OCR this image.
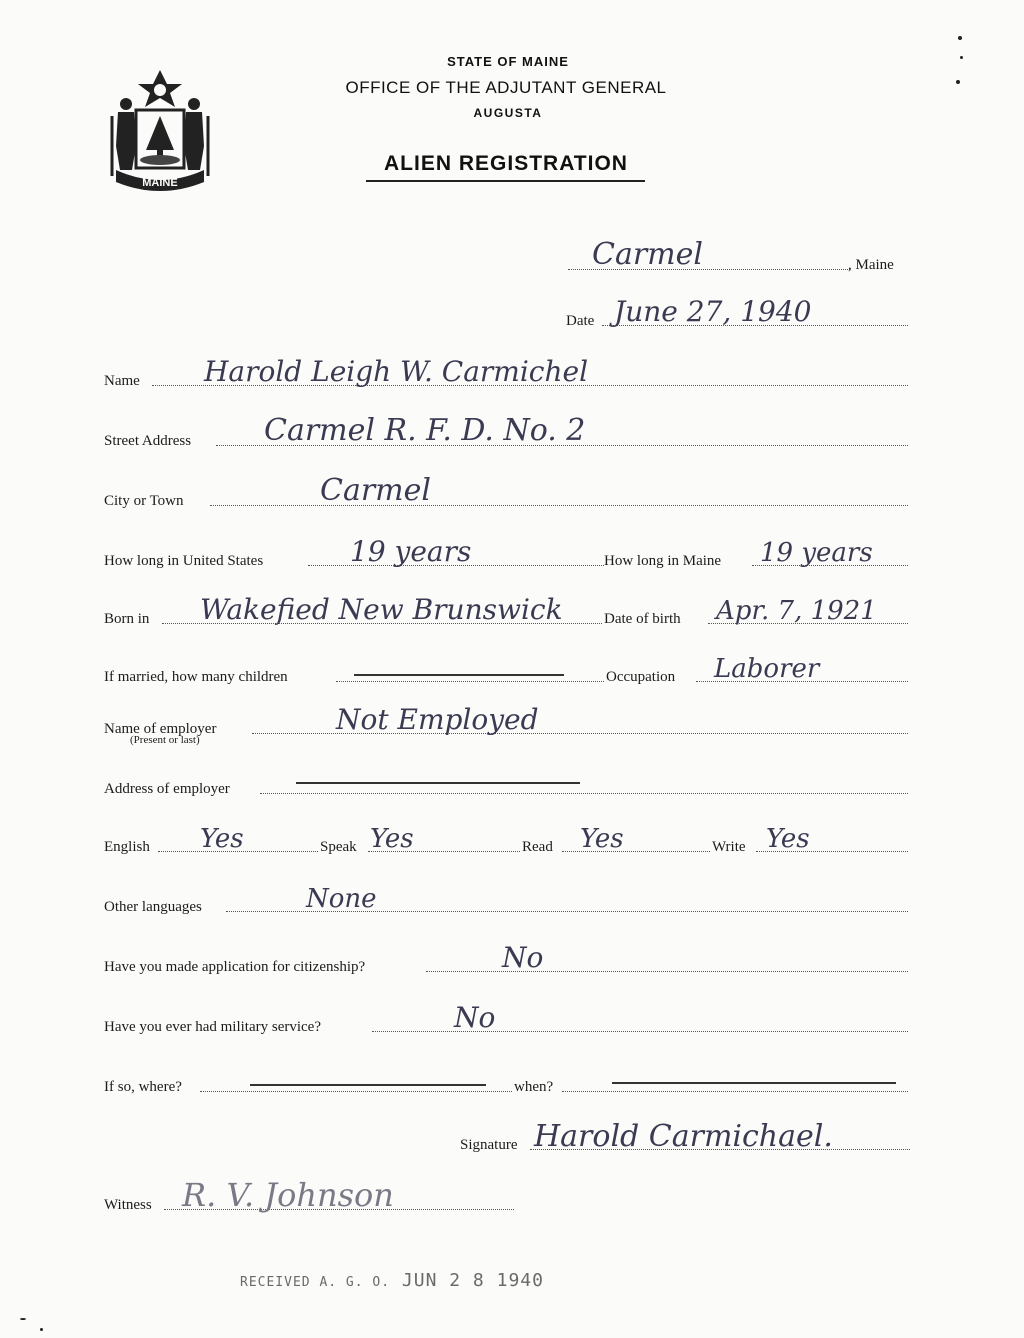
STATE OF MAINE
OFFICE OF THE ADJUTANT GENERAL
AUGUSTA
ALIEN REGISTRATION
MAINE
Carmel	, Maine
Date June 27, 1940
Name Harold Leigh W. Carmichel
Street Address Carmel R. F. D. No. 2
City or Town	Carmel
How long in United States	19 years	How long in Maine 19 years
Born in Wakefied New Brunswick	Date of birth Apr. 7, 1921
If married, how many children	Occupation Laborer
Name of employer	Not Employed
(Present or last)
Address of employer
English Yes	Speak Yes	Read Yes	Write Yes
Other languages	None
Have you made application for citizenship?	No
Have you ever had military service?	No
If so, where?	when?
Signature Harold Carmichael.
Witness R. V. Johnson
RECEIVED A. G. O. JUN 2 8 1940
